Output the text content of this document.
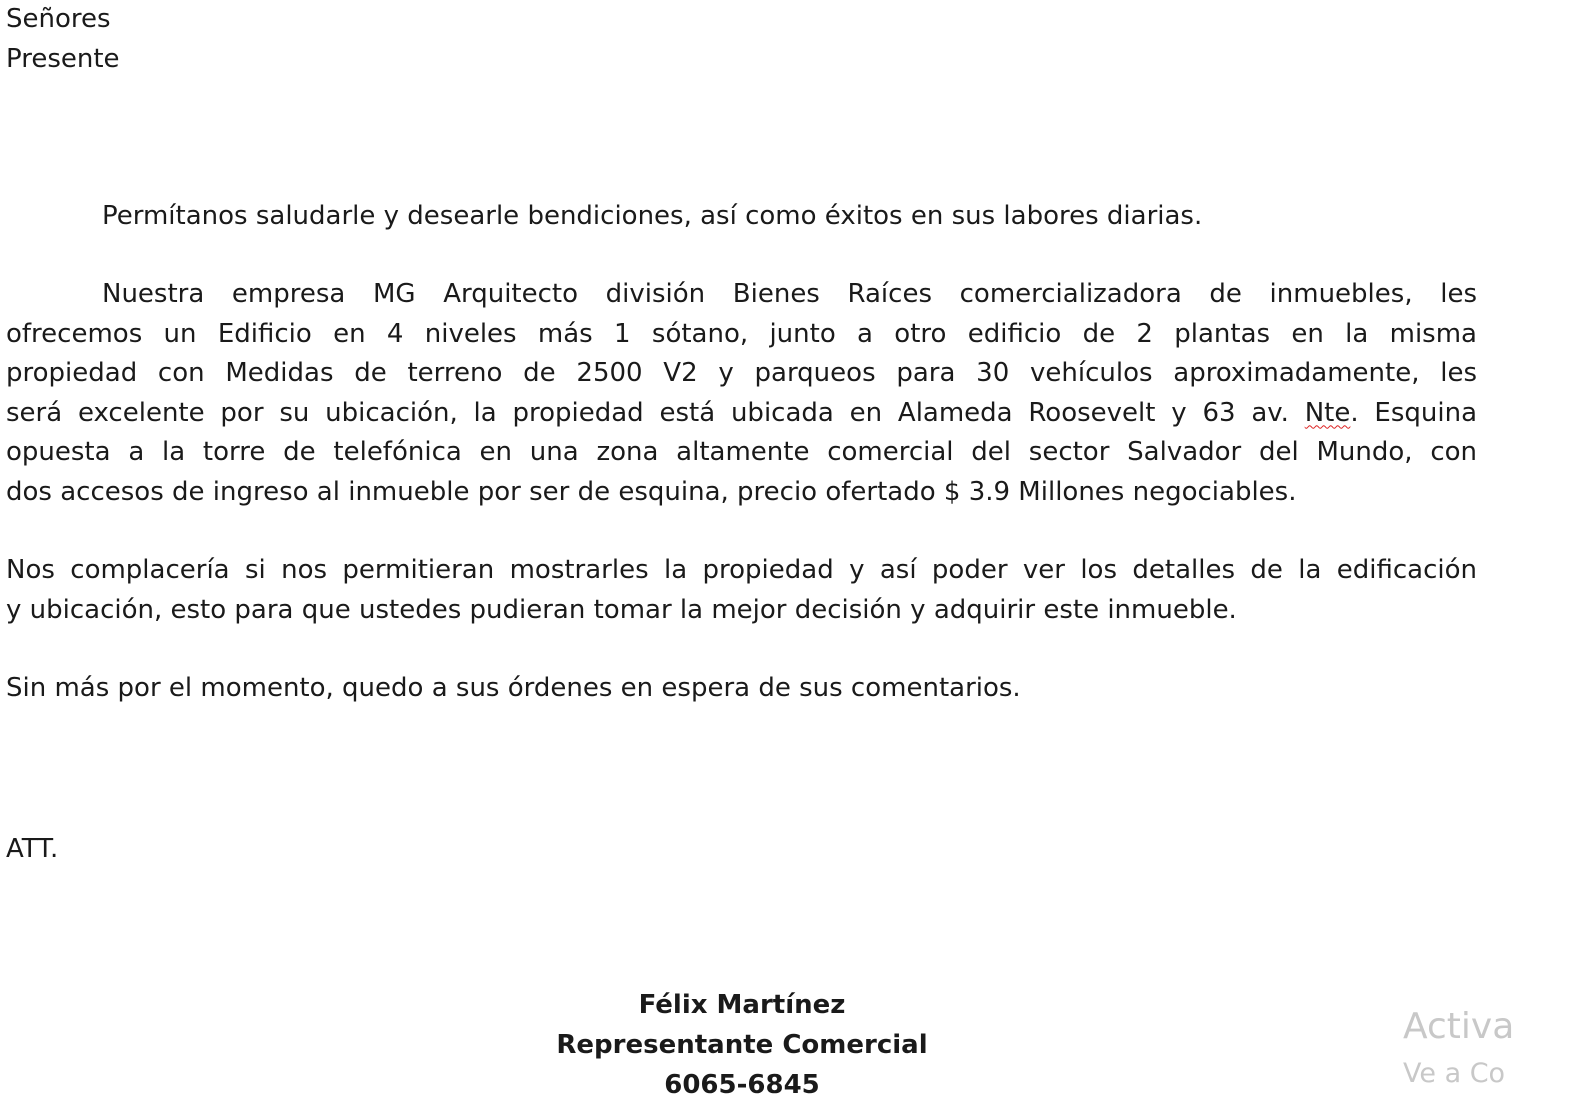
Señores
Presente
Permítanos saludarle y desearle bendiciones, así como éxitos en sus labores diarias.
Nuestra empresa MG Arquitecto división Bienes Raíces comercializadora de inmuebles, les
ofrecemos un Edificio en 4 niveles más 1 sótano, junto a otro edificio de 2 plantas en la misma
propiedad con Medidas de terreno de 2500 V2 y parqueos para 30 vehículos aproximadamente, les
será excelente por su ubicación, la propiedad está ubicada en Alameda Roosevelt y 63 av. Nte. Esquina
opuesta a la torre de telefónica en una zona altamente comercial del sector Salvador del Mundo, con
dos accesos de ingreso al inmueble por ser de esquina, precio ofertado $ 3.9 Millones negociables.
Nos complacería si nos permitieran mostrarles la propiedad y así poder ver los detalles de la edificación
y ubicación, esto para que ustedes pudieran tomar la mejor decisión y adquirir este inmueble.
Sin más por el momento, quedo a sus órdenes en espera de sus comentarios.
ATT.
Félix Martínez
Representante Comercial
6065-6845
Activa
Ve a Co
